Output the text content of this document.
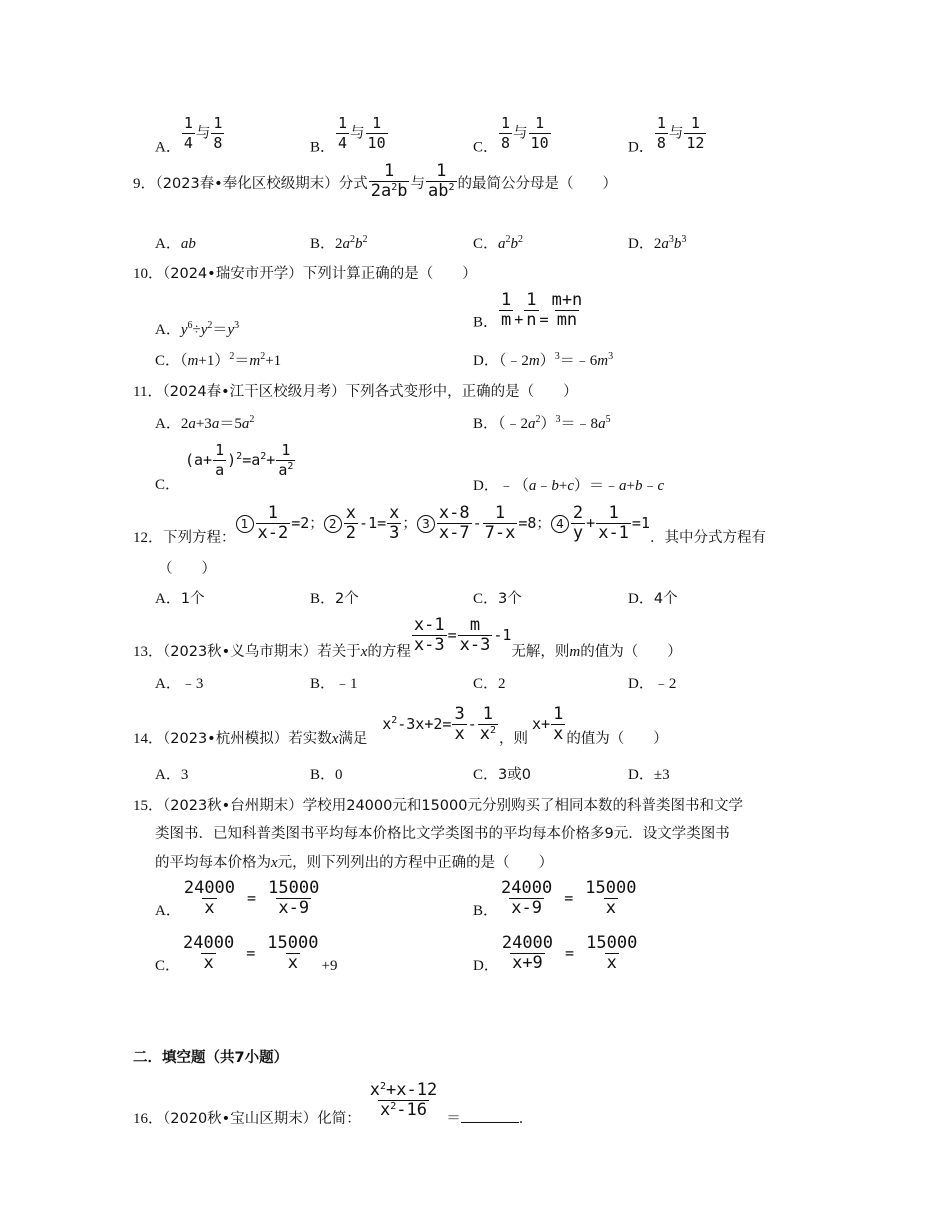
A． $\frac{1}{4}$ 与 $\frac{1}{8}$	B． $\frac{1}{4}$ 与 $\frac{1}{10}$	C． $\frac{1}{8}$ 与 $\frac{1}{10}$	D． $\frac{1}{8}$ 与 $\frac{1}{12}$
9．（2023春•奉化区校级期末）分式 $\frac{1}{2a^2b}$ 与 $\frac{1}{ab^2}$ 的最简公分母是（　　）
A．ab	B．$2a^2b^2$	C．$a^2b^2$	D．$2a^3b^3$
10．（2024•瑞安市开学）下列计算正确的是（　　）
A．$y^6\div y^2=y^3$	B． $\frac{1}{m} + \frac{1}{n} = \frac{m+n}{mn}$
C．$(m+1)^2=m^2+1$	D．$(﹣2m)^3=﹣6m^3$
11．（2024春•江干区校级月考）下列各式变形中，正确的是（　　）
A．$2a+3a=5a^2$	B．$(﹣2a^2)^3=﹣8a^5$
C．
$(a+ \frac{1}{a} )^2=a^2+ \frac{1}{a^2}$
D．﹣（a﹣b+c）＝﹣a+b﹣c
12．下列方程：$1 \frac{1}{x-2} =2$； $2 \frac{x}{2} -1= \frac{x}{3}$ ； $3 \frac{x-8}{x-7} - \frac{1}{7-x} =8$； $4 \frac{2}{y} + \frac{1}{x-1} =1$．其中分式方程有
（　　）
A．1个	B．2个	C．3个	D．4个
13．（2023秋•义乌市期末）若关于x的方程 $\frac{x-1}{x-3} = \frac{m}{x-3} -1$无解，则m的值为（　　）
A．﹣3	B．﹣1	C．2	D．﹣2
14．（2023•杭州模拟）若实数x满足 $x^2-3x+2= \frac{3}{x} - \frac{1}{x^2}$ ，则$x+ \frac{1}{x}$ 的值为（　　）
A．3	B．0	C．3或0	D．±3
15．（2023秋•台州期末）学校用24000元和15000元分别购买了相同本数的科普类图书和文学
类图书．已知科普类图书平均每本价格比文学类图书的平均每本价格多9元．设文学类图书
的平均每本价格为x元，则下列列出的方程中正确的是（　　）
A． $\frac{24000}{x} = \frac{15000}{x-9}$	B． $\frac{24000}{x-9} = \frac{15000}{x}$
C． $\frac{24000}{x} = \frac{15000}{x} +9$	D． $\frac{24000}{x+9} = \frac{15000}{x}$
二．填空题（共7小题）
16．（2020秋•宝山区期末）化简： $\frac{x^2+x-12}{x^2-16}$ ＝	．
